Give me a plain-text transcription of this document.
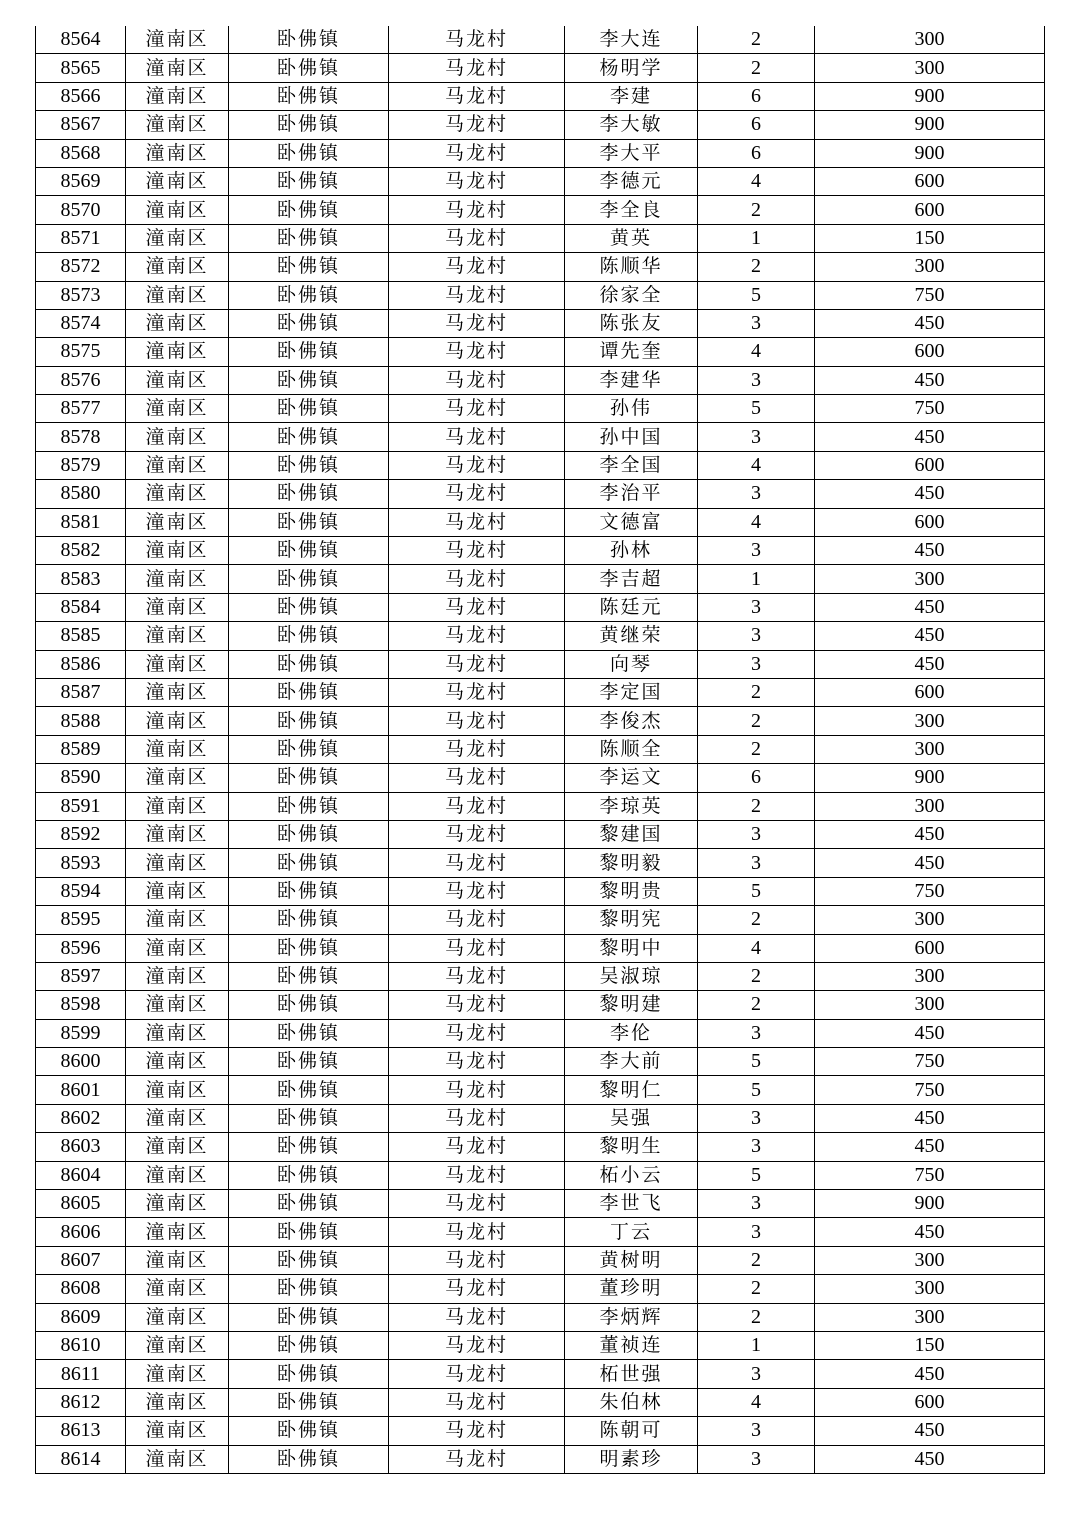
8564	潼南区	卧佛镇	马龙村	李大连	2	300
8565	潼南区	卧佛镇	马龙村	杨明学	2	300
8566	潼南区	卧佛镇	马龙村	李建	6	900
8567	潼南区	卧佛镇	马龙村	李大敏	6	900
8568	潼南区	卧佛镇	马龙村	李大平	6	900
8569	潼南区	卧佛镇	马龙村	李德元	4	600
8570	潼南区	卧佛镇	马龙村	李全良	2	600
8571	潼南区	卧佛镇	马龙村	黄英	1	150
8572	潼南区	卧佛镇	马龙村	陈顺华	2	300
8573	潼南区	卧佛镇	马龙村	徐家全	5	750
8574	潼南区	卧佛镇	马龙村	陈张友	3	450
8575	潼南区	卧佛镇	马龙村	谭先奎	4	600
8576	潼南区	卧佛镇	马龙村	李建华	3	450
8577	潼南区	卧佛镇	马龙村	孙伟	5	750
8578	潼南区	卧佛镇	马龙村	孙中国	3	450
8579	潼南区	卧佛镇	马龙村	李全国	4	600
8580	潼南区	卧佛镇	马龙村	李治平	3	450
8581	潼南区	卧佛镇	马龙村	文德富	4	600
8582	潼南区	卧佛镇	马龙村	孙林	3	450
8583	潼南区	卧佛镇	马龙村	李吉超	1	300
8584	潼南区	卧佛镇	马龙村	陈廷元	3	450
8585	潼南区	卧佛镇	马龙村	黄继荣	3	450
8586	潼南区	卧佛镇	马龙村	向琴	3	450
8587	潼南区	卧佛镇	马龙村	李定国	2	600
8588	潼南区	卧佛镇	马龙村	李俊杰	2	300
8589	潼南区	卧佛镇	马龙村	陈顺全	2	300
8590	潼南区	卧佛镇	马龙村	李运文	6	900
8591	潼南区	卧佛镇	马龙村	李琼英	2	300
8592	潼南区	卧佛镇	马龙村	黎建国	3	450
8593	潼南区	卧佛镇	马龙村	黎明毅	3	450
8594	潼南区	卧佛镇	马龙村	黎明贵	5	750
8595	潼南区	卧佛镇	马龙村	黎明宪	2	300
8596	潼南区	卧佛镇	马龙村	黎明中	4	600
8597	潼南区	卧佛镇	马龙村	吴淑琼	2	300
8598	潼南区	卧佛镇	马龙村	黎明建	2	300
8599	潼南区	卧佛镇	马龙村	李伦	3	450
8600	潼南区	卧佛镇	马龙村	李大前	5	750
8601	潼南区	卧佛镇	马龙村	黎明仁	5	750
8602	潼南区	卧佛镇	马龙村	吴强	3	450
8603	潼南区	卧佛镇	马龙村	黎明生	3	450
8604	潼南区	卧佛镇	马龙村	柘小云	5	750
8605	潼南区	卧佛镇	马龙村	李世飞	3	900
8606	潼南区	卧佛镇	马龙村	丁云	3	450
8607	潼南区	卧佛镇	马龙村	黄树明	2	300
8608	潼南区	卧佛镇	马龙村	董珍明	2	300
8609	潼南区	卧佛镇	马龙村	李炳辉	2	300
8610	潼南区	卧佛镇	马龙村	董祯连	1	150
8611	潼南区	卧佛镇	马龙村	柘世强	3	450
8612	潼南区	卧佛镇	马龙村	朱伯林	4	600
8613	潼南区	卧佛镇	马龙村	陈朝可	3	450
8614	潼南区	卧佛镇	马龙村	明素珍	3	450
